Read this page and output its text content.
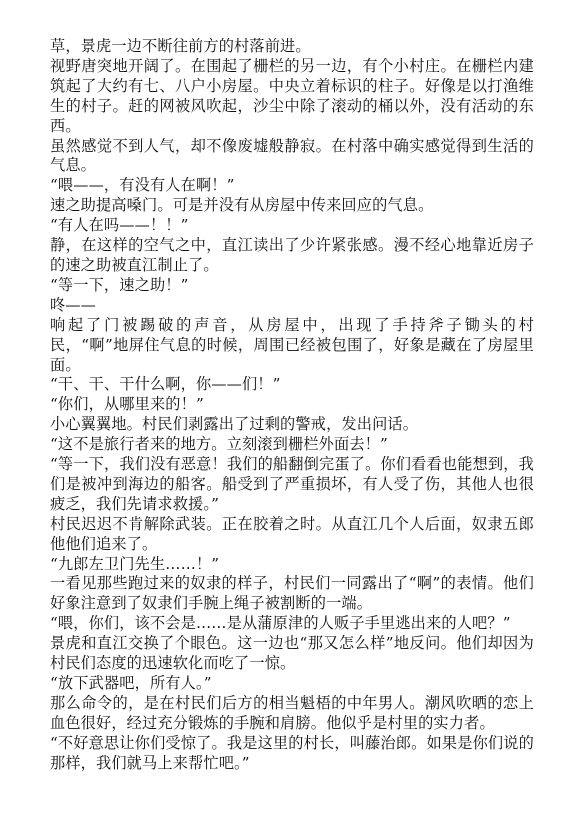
草，景虎一边不断往前方的村落前进。

视野唐突地开阔了。在围起了栅栏的另一边，有个小村庄。在栅栏内建筑起了大约有七、八户小房屋。中央立着标识的柱子。好像是以打渔维生的村子。赶的网被风吹起，沙尘中除了滚动的桶以外，没有活动的东西。

虽然感觉不到人气，却不像废墟般静寂。在村落中确实感觉得到生活的气息。

“喂——，有没有人在啊！”

速之助提高嗓门。可是并没有从房屋中传来回应的气息。

“有人在吗——！！”

静，在这样的空气之中，直江读出了少许紧张感。漫不经心地靠近房子的速之助被直江制止了。

“等一下，速之助！”

咚——

响起了门被踢破的声音，从房屋中，出现了手持斧子锄头的村民，“啊”地屏住气息的时候，周围已经被包围了，好象是藏在了房屋里面。

“干、干、干什么啊，你——们！”

“你们，从哪里来的！”

小心翼翼地。村民们剥露出了过剩的警戒，发出问话。

“这不是旅行者来的地方。立刻滚到栅栏外面去！”

“等一下，我们没有恶意！我们的船翻倒完蛋了。你们看看也能想到，我们是被冲到海边的船客。船受到了严重损坏，有人受了伤，其他人也很疲乏，我们先请求救援。”

村民迟迟不肯解除武装。正在胶着之时。从直江几个人后面，奴隶五郎他他们追来了。

“九郎左卫门先生……！”

一看见那些跑过来的奴隶的样子，村民们一同露出了“啊”的表情。他们好象注意到了奴隶们手腕上绳子被割断的一端。

“喂，你们，该不会是……是从蒲原津的人贩子手里逃出来的人吧？”

景虎和直江交换了个眼色。这一边也“那又怎么样”地反问。他们却因为村民们态度的迅速软化而吃了一惊。

“放下武器吧，所有人。”

那么命令的，是在村民们后方的相当魁梧的中年男人。潮风吹晒的恋上血色很好，经过充分锻炼的手腕和肩膀。他似乎是村里的实力者。

“不好意思让你们受惊了。我是这里的村长，叫藤治郎。如果是你们说的那样，我们就马上来帮忙吧。”
